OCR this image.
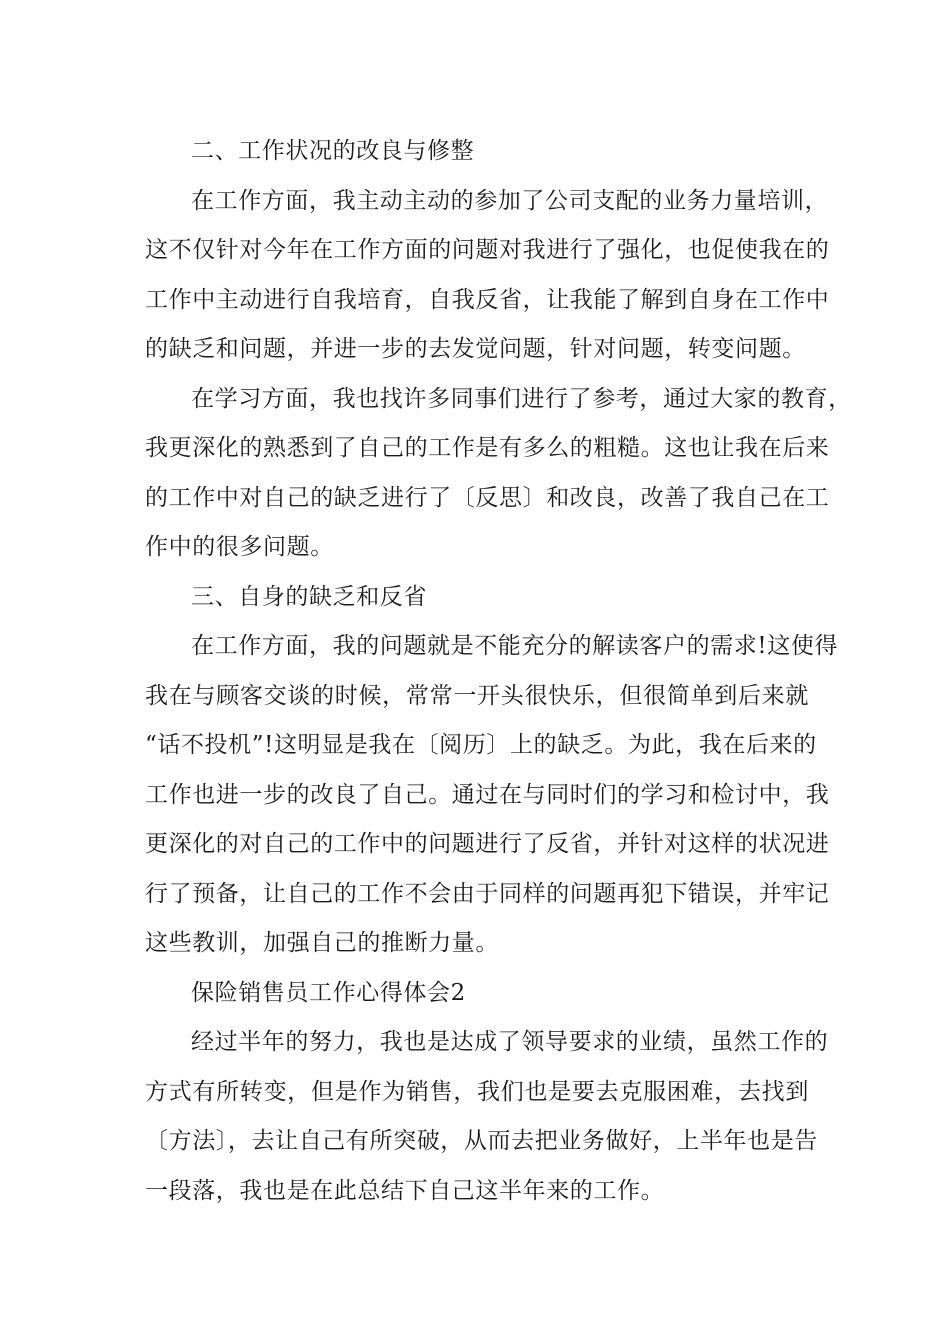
二、工作状况的改良与修整
在工作方面，我主动主动的参加了公司支配的业务力量培训，
这不仅针对今年在工作方面的问题对我进行了强化，也促使我在的
工作中主动进行自我培育，自我反省，让我能了解到自身在工作中
的缺乏和问题，并进一步的去发觉问题，针对问题，转变问题。
在学习方面，我也找许多同事们进行了参考，通过大家的教育，
我更深化的熟悉到了自己的工作是有多么的粗糙。这也让我在后来
的工作中对自己的缺乏进行了〔反思〕和改良，改善了我自己在工
作中的很多问题。
三、自身的缺乏和反省
在工作方面，我的问题就是不能充分的解读客户的需求!这使得
我在与顾客交谈的时候，常常一开头很快乐，但很简单到后来就
“话不投机”!这明显是我在〔阅历〕上的缺乏。为此，我在后来的
工作也进一步的改良了自己。通过在与同时们的学习和检讨中，我
更深化的对自己的工作中的问题进行了反省，并针对这样的状况进
行了预备，让自己的工作不会由于同样的问题再犯下错误，并牢记
这些教训，加强自己的推断力量。
保险销售员工作心得体会2
经过半年的努力，我也是达成了领导要求的业绩，虽然工作的
方式有所转变，但是作为销售，我们也是要去克服困难，去找到
〔方法〕，去让自己有所突破，从而去把业务做好，上半年也是告
一段落，我也是在此总结下自己这半年来的工作。
